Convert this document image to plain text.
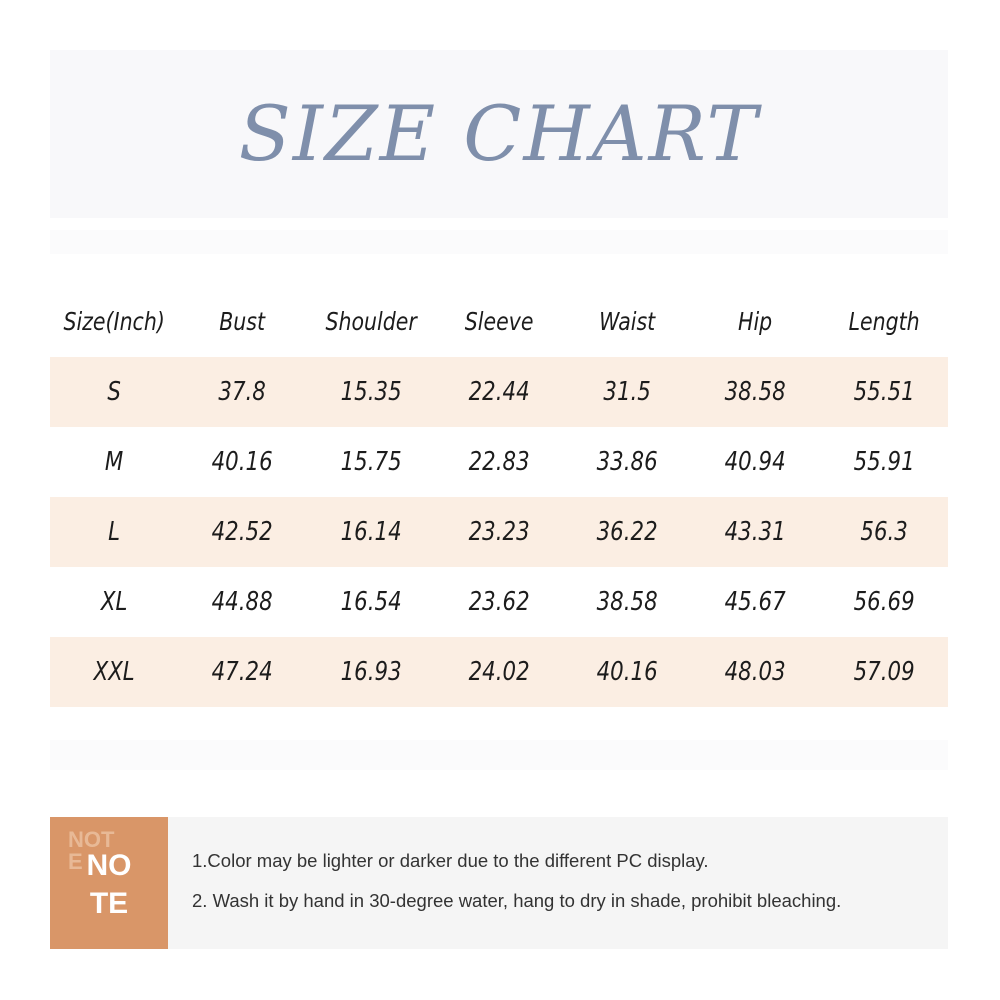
SIZE CHART
Size(Inch)	Bust	Shoulder	Sleeve	Waist	Hip	Length
S	37.8	15.35	22.44	31.5	38.58	55.51
M	40.16	15.75	22.83	33.86	40.94	55.91
L	42.52	16.14	23.23	36.22	43.31	56.3
XL	44.88	16.54	23.62	38.58	45.67	56.69
XXL	47.24	16.93	24.02	40.16	48.03	57.09
NOTE NOTE
1.Color may be lighter or darker due to the different PC display.
2. Wash it by hand in 30-degree water, hang to dry in shade, prohibit bleaching.
